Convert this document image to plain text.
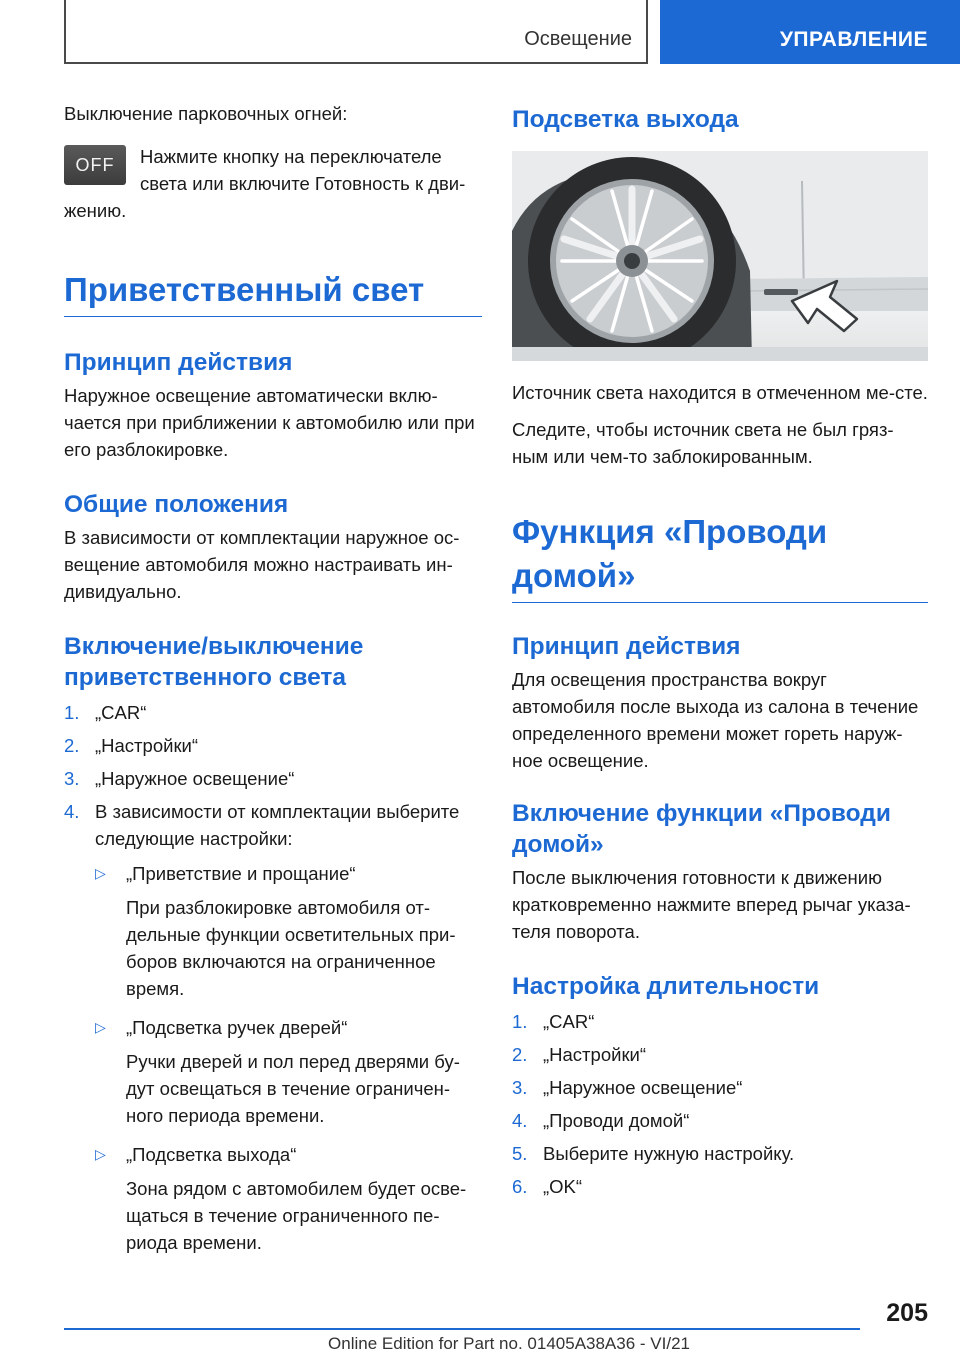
Освещение	УПРАВЛЕНИЕ

Выключение парковочных огней:

OFF	Нажмите кнопку на переключателе

света или включите Готовность к дви-

жению.

Приветственный свет
Принцип действия

Наружное освещение автоматически вклю-чается при приближении к автомобилю или при его разблокировке.

Общие положения

В зависимости от комплектации наружное ос-вещение автомобиля можно настраивать ин-дивидуально.

Включение/выключение приветственного света
1. „CAR“

2. „Настройки“

3. „Наружное освещение“

4. В зависимости от комплектации выберите следующие настройки:

▷ „Приветствие и прощание“

При разблокировке автомобиля от-дельные функции осветительных при-боров включаются на ограниченное время.

▷ „Подсветка ручек дверей“

Ручки дверей и пол перед дверями бу-дут освещаться в течение ограничен-ного периода времени.

▷ „Подсветка выхода“

Зона рядом с автомобилем будет осве-щаться в течение ограниченного пе-риода времени.

Подсветка выхода

Источник света находится в отмеченном ме-сте.

Следите, чтобы источник света не был гряз-ным или чем-то заблокированным.

Функция «Проводи домой»
Принцип действия

Для освещения пространства вокруг автомобиля после выхода из салона в течение определенного времени может гореть наруж-ное освещение.

Включение функции «Проводи домой»

После выключения готовности к движению кратковременно нажмите вперед рычаг указа-теля поворота.

Настройка длительности
1. „CAR“

2. „Настройки“

3. „Наружное освещение“

4. „Проводи домой“

5. Выберите нужную настройку.

6. „OK“

205
Online Edition for Part no. 01405A38A36 - VI/21
